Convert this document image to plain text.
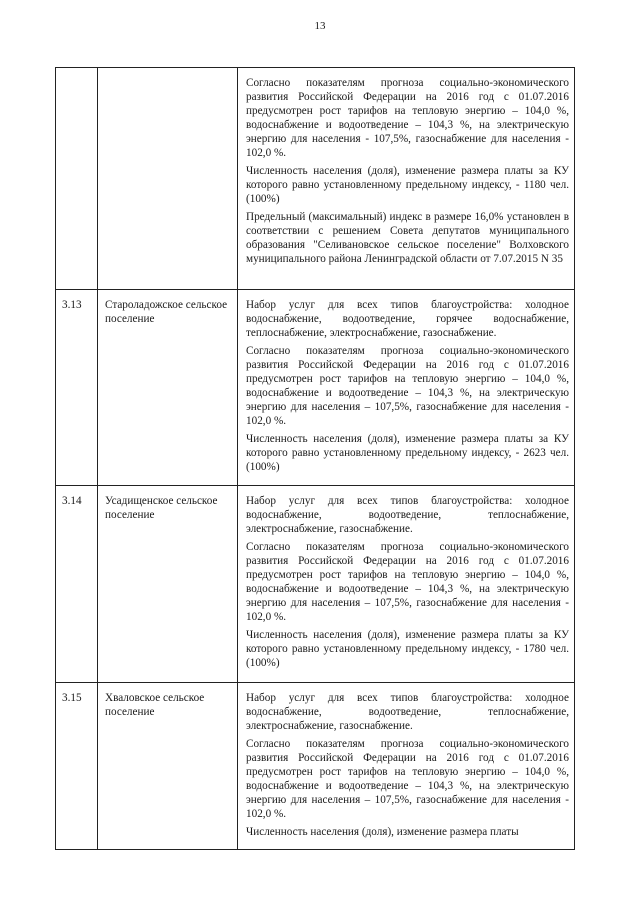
13

		Согласно показателям прогноза социально-экономического развития Российской Федерации на 2016 год с 01.07.2016 предусмотрен рост тарифов на тепловую энергию – 104,0 %, водоснабжение и водоотведение – 104,3 %, на электрическую энергию для населения - 107,5%, газоснабжение для населения - 102,0 %.

Численность населения (доля), изменение размера платы за КУ которого равно установленному предельному индексу, - 1180 чел. (100%)

Предельный (максимальный) индекс в размере 16,0% установлен в соответствии с решением Совета депутатов муниципального образования "Селивановское сельское поселение" Волховского муниципального района Ленинградской области от 7.07.2015 N 35

3.13	Староладожское сельское поселение	Набор услуг для всех типов благоустройства: холодное водоснабжение, водоотведение, горячее водоснабжение, теплоснабжение, электроснабжение, газоснабжение.

Согласно показателям прогноза социально-экономического развития Российской Федерации на 2016 год с 01.07.2016 предусмотрен рост тарифов на тепловую энергию – 104,0 %, водоснабжение и водоотведение – 104,3 %, на электрическую энергию для населения – 107,5%, газоснабжение для населения - 102,0 %.

Численность населения (доля), изменение размера платы за КУ которого равно установленному предельному индексу, - 2623 чел. (100%)

3.14	Усадищенское сельское поселение	Набор услуг для всех типов благоустройства: холодное водоснабжение, водоотведение, теплоснабжение, электроснабжение, газоснабжение.

Согласно показателям прогноза социально-экономического развития Российской Федерации на 2016 год с 01.07.2016 предусмотрен рост тарифов на тепловую энергию – 104,0 %, водоснабжение и водоотведение – 104,3 %, на электрическую энергию для населения – 107,5%, газоснабжение для населения - 102,0 %.

Численность населения (доля), изменение размера платы за КУ которого равно установленному предельному индексу, - 1780 чел. (100%)

3.15	Хваловское сельское поселение	Набор услуг для всех типов благоустройства: холодное водоснабжение, водоотведение, теплоснабжение, электроснабжение, газоснабжение.

Согласно показателям прогноза социально-экономического развития Российской Федерации на 2016 год с 01.07.2016 предусмотрен рост тарифов на тепловую энергию – 104,0 %, водоснабжение и водоотведение – 104,3 %, на электрическую энергию для населения – 107,5%, газоснабжение для населения - 102,0 %.

Численность населения (доля), изменение размера платы
